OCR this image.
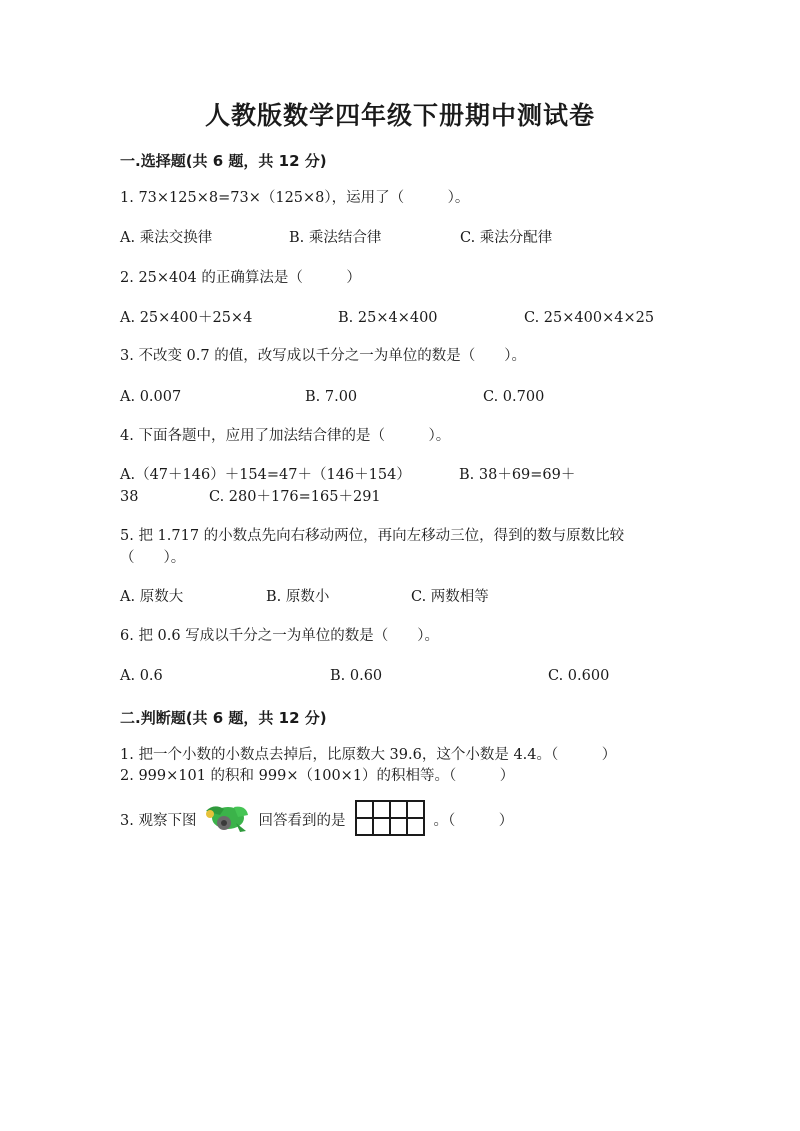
人教版数学四年级下册期中测试卷
一.选择题(共 6 题，共 12 分)
1. 73×125×8=73×（125×8），运用了（　　　）。
A. 乘法交换律	B. 乘法结合律	C. 乘法分配律
2. 25×404 的正确算法是（　　　）
A. 25×400＋25×4	B. 25×4×400	C. 25×400×4×25
3. 不改变 0.7 的值，改写成以千分之一为单位的数是（　　）。
A. 0.007	B. 7.00	C. 0.700
4. 下面各题中，应用了加法结合律的是（　　　）。
A.（47＋146）＋154=47＋（146＋154）	B. 38＋69=69＋
38	C. 280＋176=165＋291
5. 把 1.717 的小数点先向右移动两位，再向左移动三位，得到的数与原数比较
（　　）。
A. 原数大	B. 原数小	C. 两数相等
6. 把 0.6 写成以千分之一为单位的数是（　　）。
A. 0.6	B. 0.60	C. 0.600
二.判断题(共 6 题，共 12 分)
1. 把一个小数的小数点去掉后，比原数大 39.6，这个小数是 4.4。（　　　）
2. 999×101 的积和 999×（100×1）的积相等。（　　　）
3. 观察下图	回答看到的是	。（　　　）
